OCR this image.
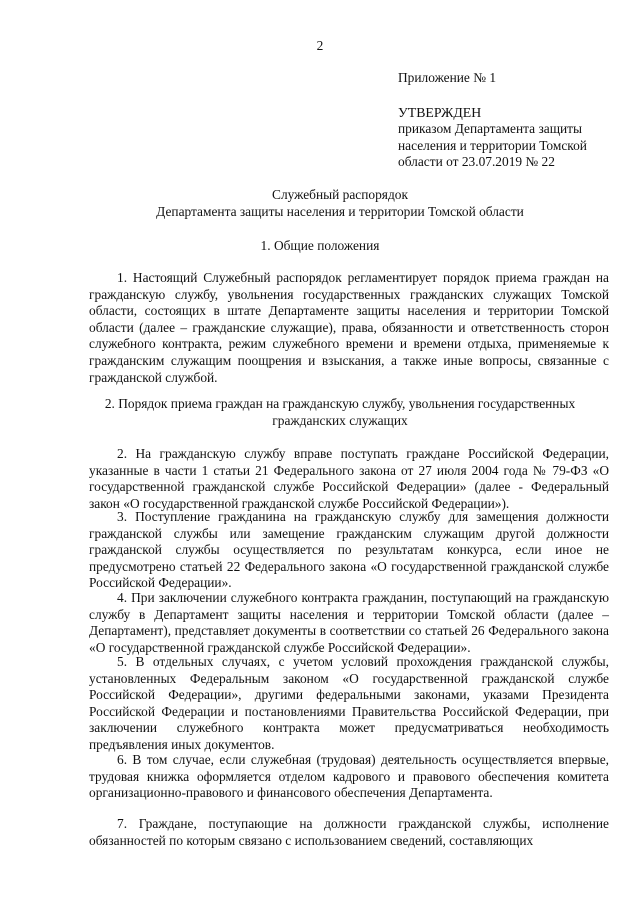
2
Приложение № 1
УТВЕРЖДЕН
приказом Департамента защиты
населения и территории Томской
области от 23.07.2019 № 22
Служебный распорядок
Департамента защиты населения и территории Томской области
1. Общие положения
1. Настоящий Служебный распорядок регламентирует порядок приема граждан на гражданскую службу, увольнения государственных гражданских служащих Томской области, состоящих в штате Департаменте защиты населения и территории Томской области (далее – гражданские служащие), права, обязанности и ответственность сторон служебного контракта, режим служебного времени и времени отдыха, применяемые к гражданским служащим поощрения и взыскания, а также иные вопросы, связанные с гражданской службой.
2. Порядок приема граждан на гражданскую службу, увольнения государственных
гражданских служащих
2. На гражданскую службу вправе поступать граждане Российской Федерации, указанные в части 1 статьи 21 Федерального закона от 27 июля 2004 года № 79-ФЗ «О государственной гражданской службе Российской Федерации» (далее - Федеральный закон «О государственной гражданской службе Российской Федерации»).
3. Поступление гражданина на гражданскую службу для замещения должности гражданской службы или замещение гражданским служащим другой должности гражданской службы осуществляется по результатам конкурса, если иное не предусмотрено статьей 22 Федерального закона «О государственной гражданской службе Российской Федерации».
4. При заключении служебного контракта гражданин, поступающий на гражданскую службу в Департамент защиты населения и территории Томской области (далее – Департамент), представляет документы в соответствии со статьей 26 Федерального закона «О государственной гражданской службе Российской Федерации».
5. В отдельных случаях, с учетом условий прохождения гражданской службы, установленных Федеральным законом «О государственной гражданской службе Российской Федерации», другими федеральными законами, указами Президента Российской Федерации и постановлениями Правительства Российской Федерации, при заключении служебного контракта может предусматриваться необходимость предъявления иных документов.
6. В том случае, если служебная (трудовая) деятельность осуществляется впервые, трудовая книжка оформляется отделом кадрового и правового обеспечения комитета организационно-правового и финансового обеспечения Департамента.
7. Граждане, поступающие на должности гражданской службы, исполнение обязанностей по которым связано с использованием сведений, составляющих
